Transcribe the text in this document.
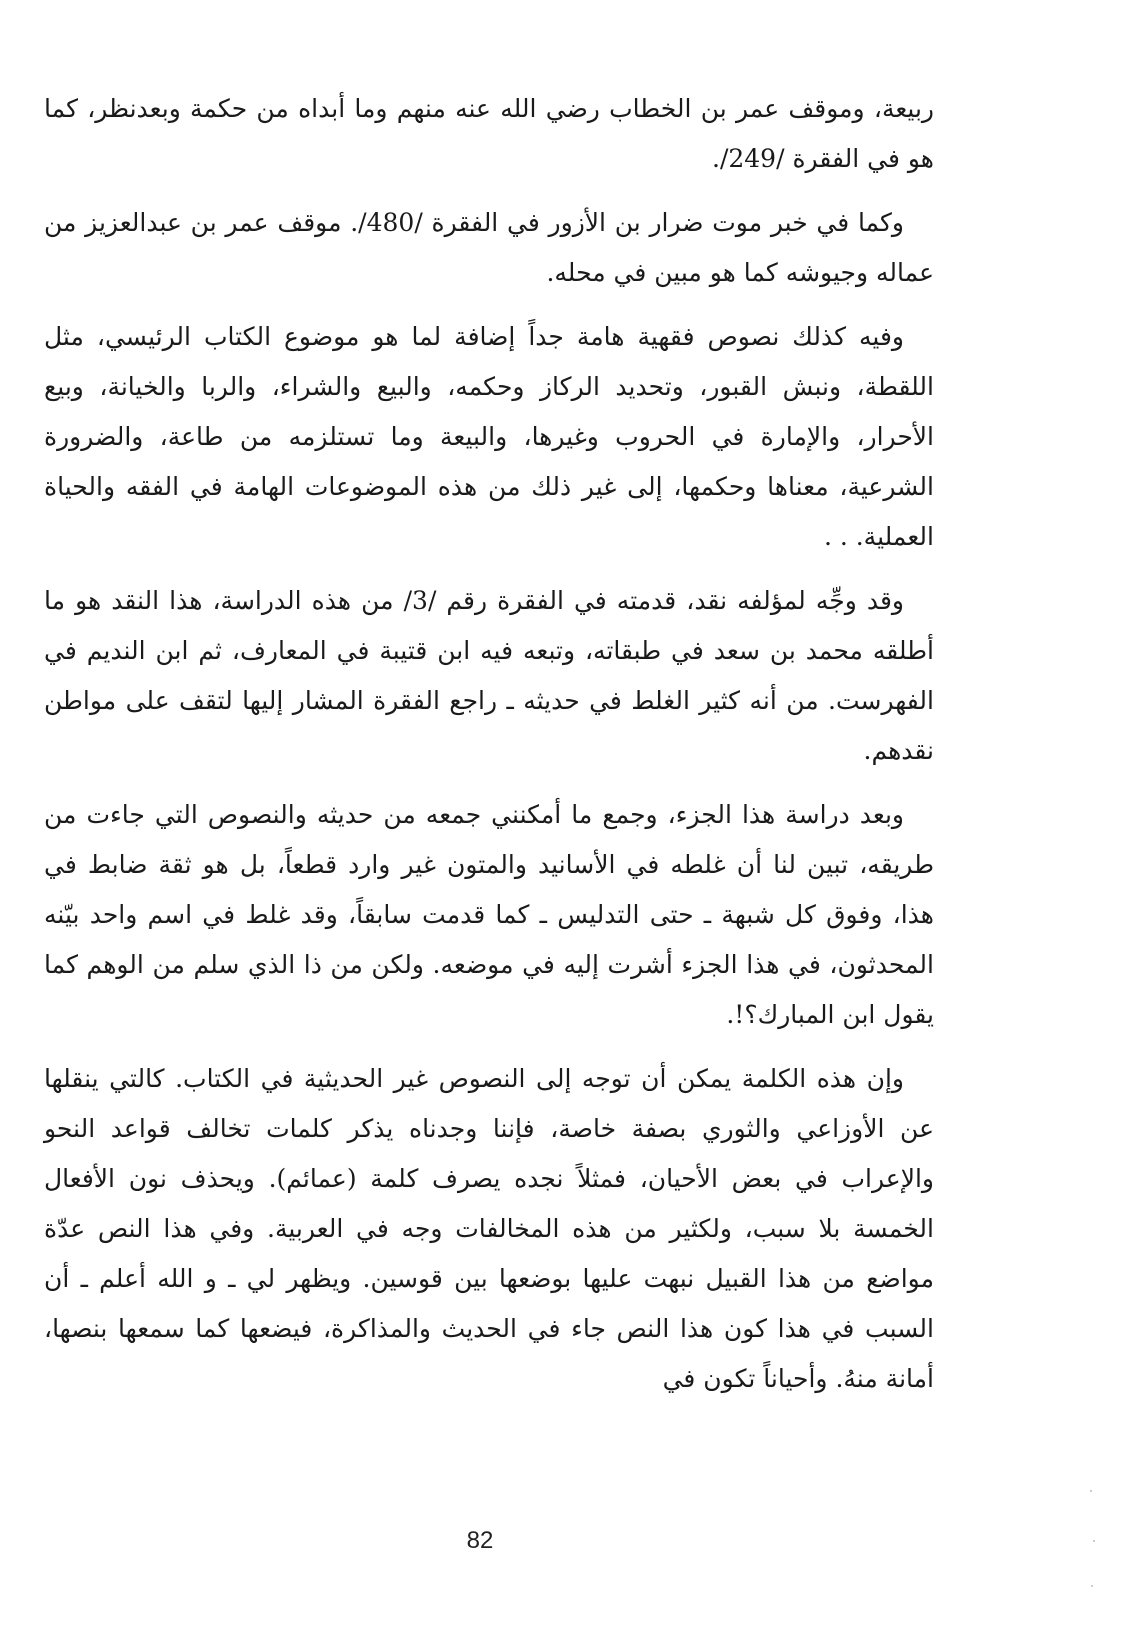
ربيعة، وموقف عمر بن الخطاب رضي الله عنه منهم وما أبداه من حكمة وبعدنظر، كما هو في الفقرة /249/.

وكما في خبر موت ضرار بن الأزور في الفقرة /480/. موقف عمر بن عبدالعزيز من عماله وجيوشه كما هو مبين في محله.

وفيه كذلك نصوص فقهية هامة جداً إضافة لما هو موضوع الكتاب الرئيسي، مثل اللقطة، ونبش القبور، وتحديد الركاز وحكمه، والبيع والشراء، والربا والخيانة، وبيع الأحرار، والإمارة في الحروب وغيرها، والبيعة وما تستلزمه من طاعة، والضرورة الشرعية، معناها وحكمها، إلى غير ذلك من هذه الموضوعات الهامة في الفقه والحياة العملية. . .

وقد وجِّه لمؤلفه نقد، قدمته في الفقرة رقم /3/ من هذه الدراسة، هذا النقد هو ما أطلقه محمد بن سعد في طبقاته، وتبعه فيه ابن قتيبة في المعارف، ثم ابن النديم في الفهرست. من أنه كثير الغلط في حديثه ـ راجع الفقرة المشار إليها لتقف على مواطن نقدهم.

وبعد دراسة هذا الجزء، وجمع ما أمكنني جمعه من حديثه والنصوص التي جاءت من طريقه، تبين لنا أن غلطه في الأسانيد والمتون غير وارد قطعاً، بل هو ثقة ضابط في هذا، وفوق كل شبهة ـ حتى التدليس ـ كما قدمت سابقاً، وقد غلط في اسم واحد بيّنه المحدثون، في هذا الجزء أشرت إليه في موضعه. ولكن من ذا الذي سلم من الوهم كما يقول ابن المبارك؟!.

وإن هذه الكلمة يمكن أن توجه إلى النصوص غير الحديثية في الكتاب. كالتي ينقلها عن الأوزاعي والثوري بصفة خاصة، فإننا وجدناه يذكر كلمات تخالف قواعد النحو والإعراب في بعض الأحيان، فمثلاً نجده يصرف كلمة (عمائم). ويحذف نون الأفعال الخمسة بلا سبب، ولكثير من هذه المخالفات وجه في العربية. وفي هذا النص عدّة مواضع من هذا القبيل نبهت عليها بوضعها بين قوسين. ويظهر لي ـ و الله أعلم ـ أن السبب في هذا كون هذا النص جاء في الحديث والمذاكرة، فيضعها كما سمعها بنصها، أمانة منهُ. وأحياناً تكون في

82
